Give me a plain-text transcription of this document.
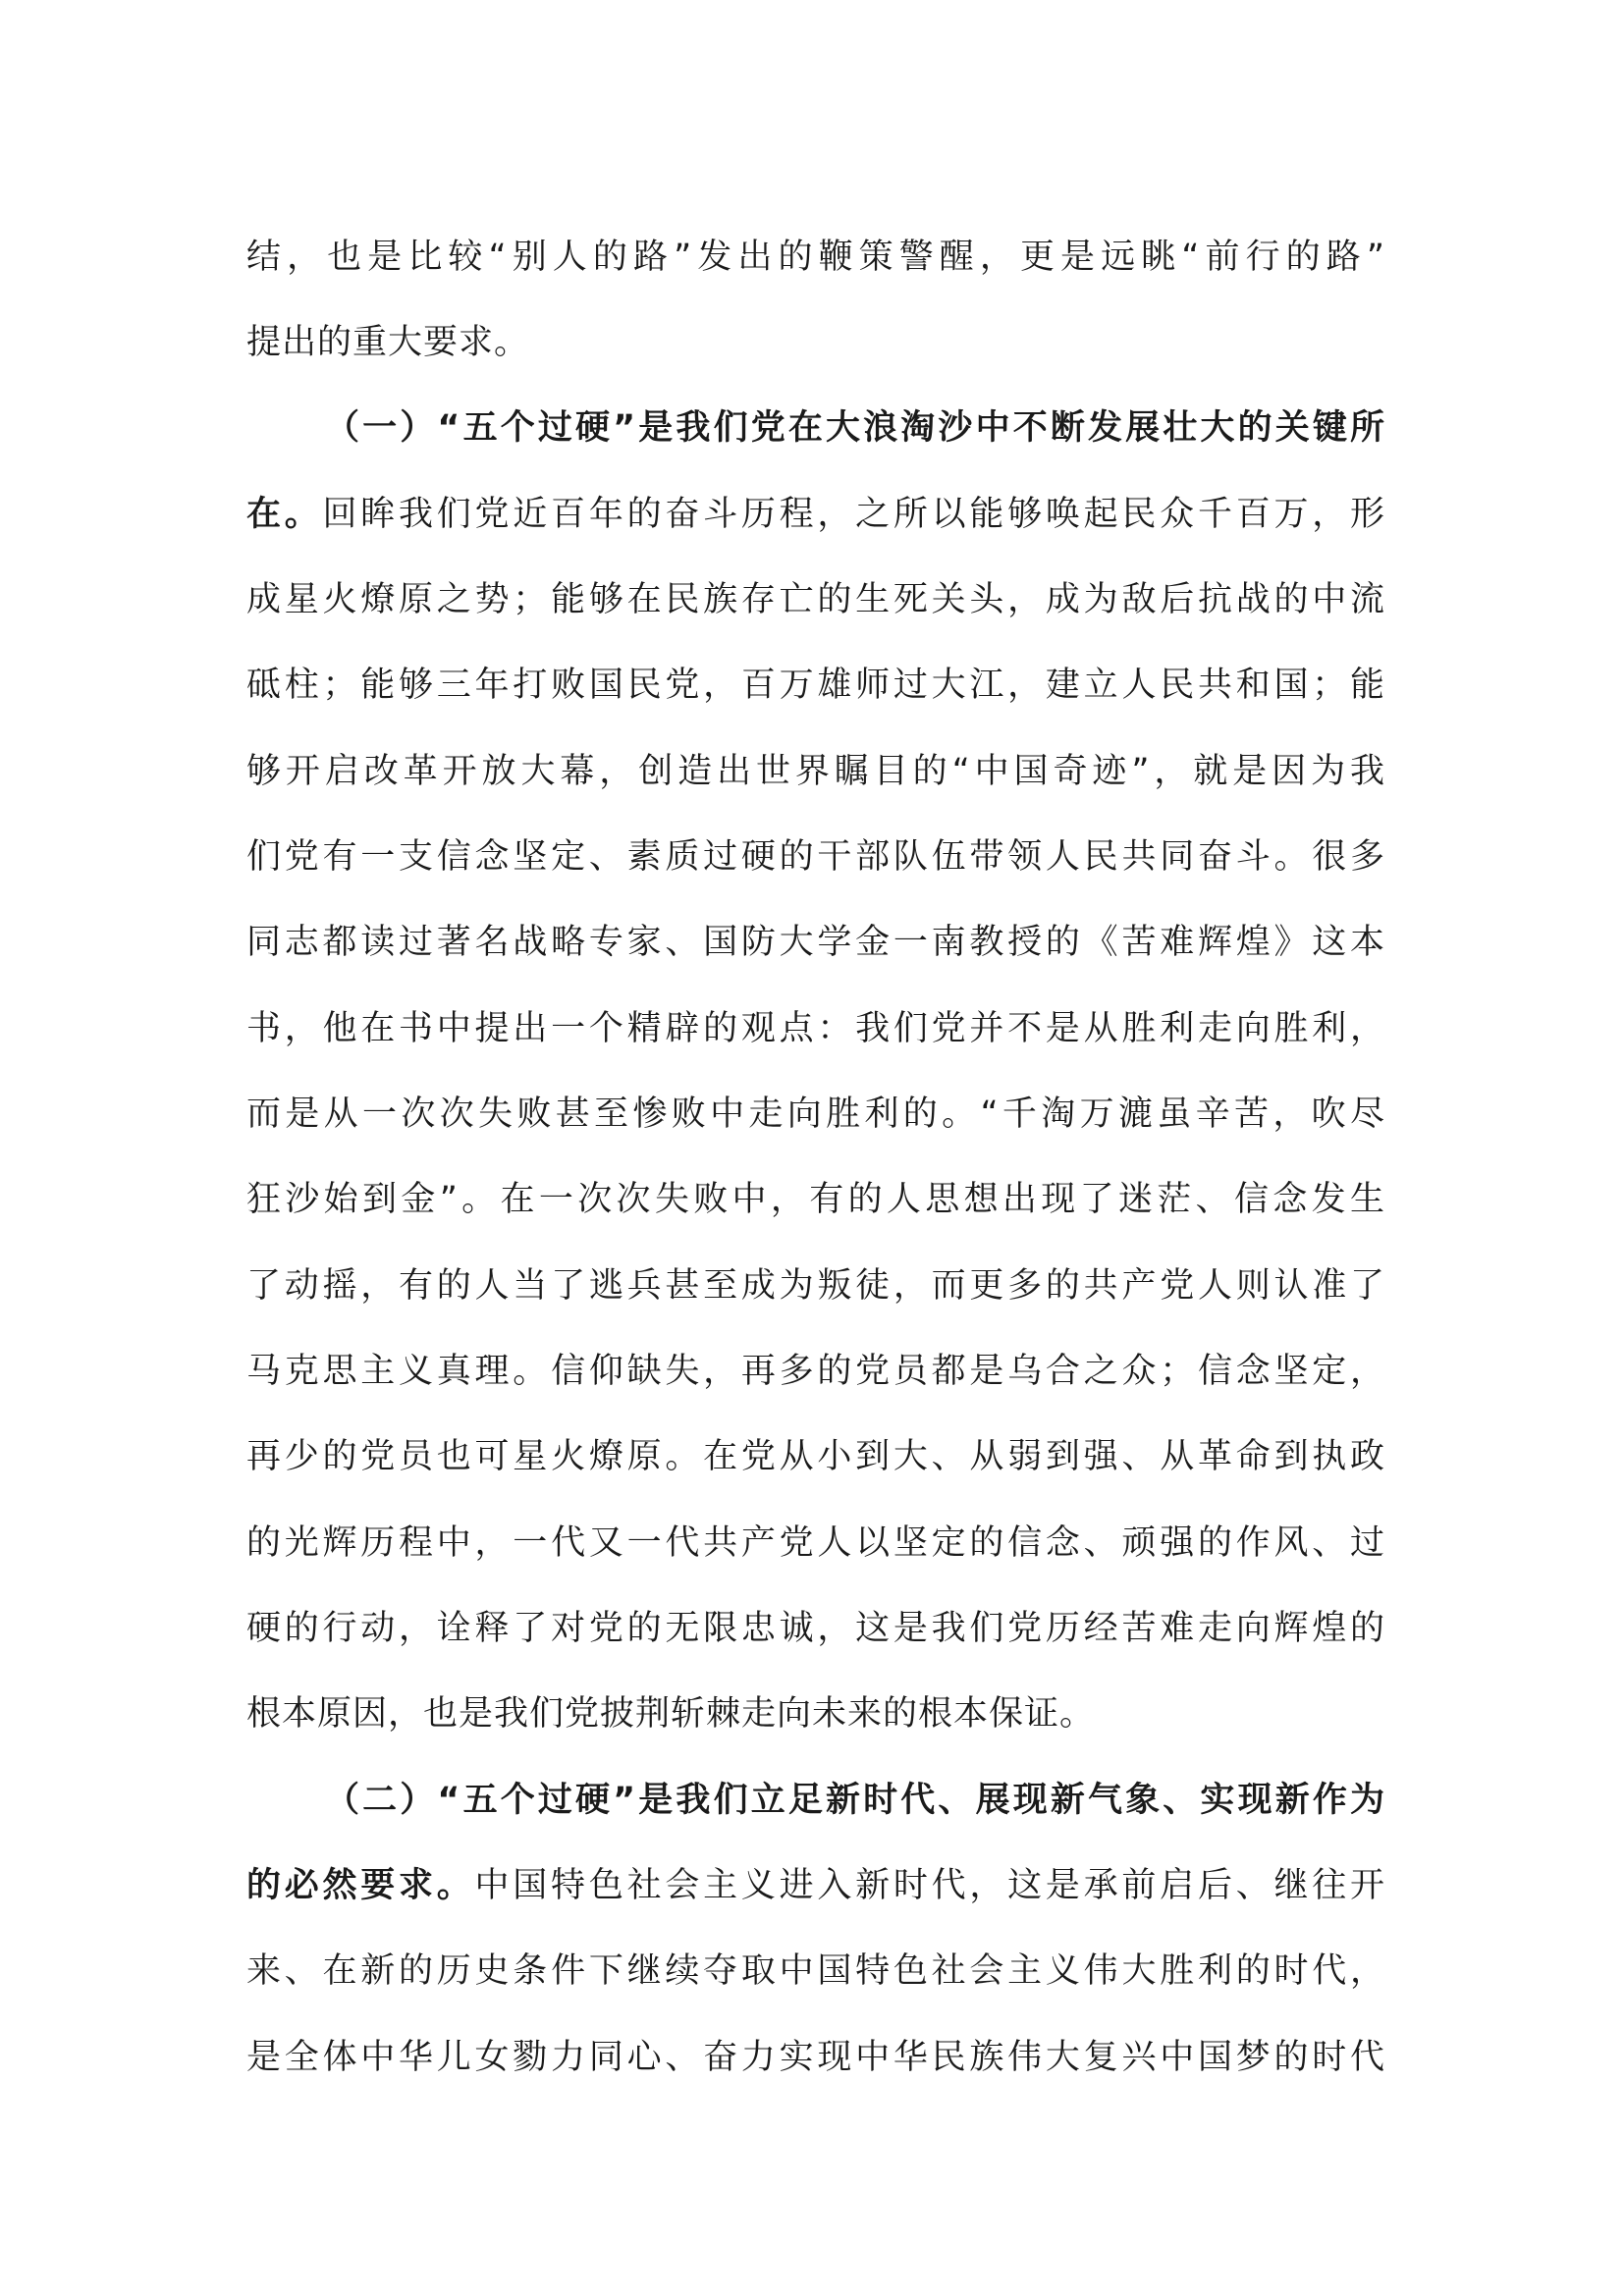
结，也是比较“别人的路”发出的鞭策警醒，更是远眺“前行的路”
提出的重大要求。
（一）“五个过硬”是我们党在大浪淘沙中不断发展壮大的关键所
在。回眸我们党近百年的奋斗历程，之所以能够唤起民众千百万，形
成星火燎原之势；能够在民族存亡的生死关头，成为敌后抗战的中流
砥柱；能够三年打败国民党，百万雄师过大江，建立人民共和国；能
够开启改革开放大幕，创造出世界瞩目的“中国奇迹”，就是因为我
们党有一支信念坚定、素质过硬的干部队伍带领人民共同奋斗。很多
同志都读过著名战略专家、国防大学金一南教授的《苦难辉煌》这本
书，他在书中提出一个精辟的观点：我们党并不是从胜利走向胜利，
而是从一次次失败甚至惨败中走向胜利的。“千淘万漉虽辛苦，吹尽
狂沙始到金”。在一次次失败中，有的人思想出现了迷茫、信念发生
了动摇，有的人当了逃兵甚至成为叛徒，而更多的共产党人则认准了
马克思主义真理。信仰缺失，再多的党员都是乌合之众；信念坚定，
再少的党员也可星火燎原。在党从小到大、从弱到强、从革命到执政
的光辉历程中，一代又一代共产党人以坚定的信念、顽强的作风、过
硬的行动，诠释了对党的无限忠诚，这是我们党历经苦难走向辉煌的
根本原因，也是我们党披荆斩棘走向未来的根本保证。
（二）“五个过硬”是我们立足新时代、展现新气象、实现新作为
的必然要求。中国特色社会主义进入新时代，这是承前启后、继往开
来、在新的历史条件下继续夺取中国特色社会主义伟大胜利的时代，
是全体中华儿女勠力同心、奋力实现中华民族伟大复兴中国梦的时代
